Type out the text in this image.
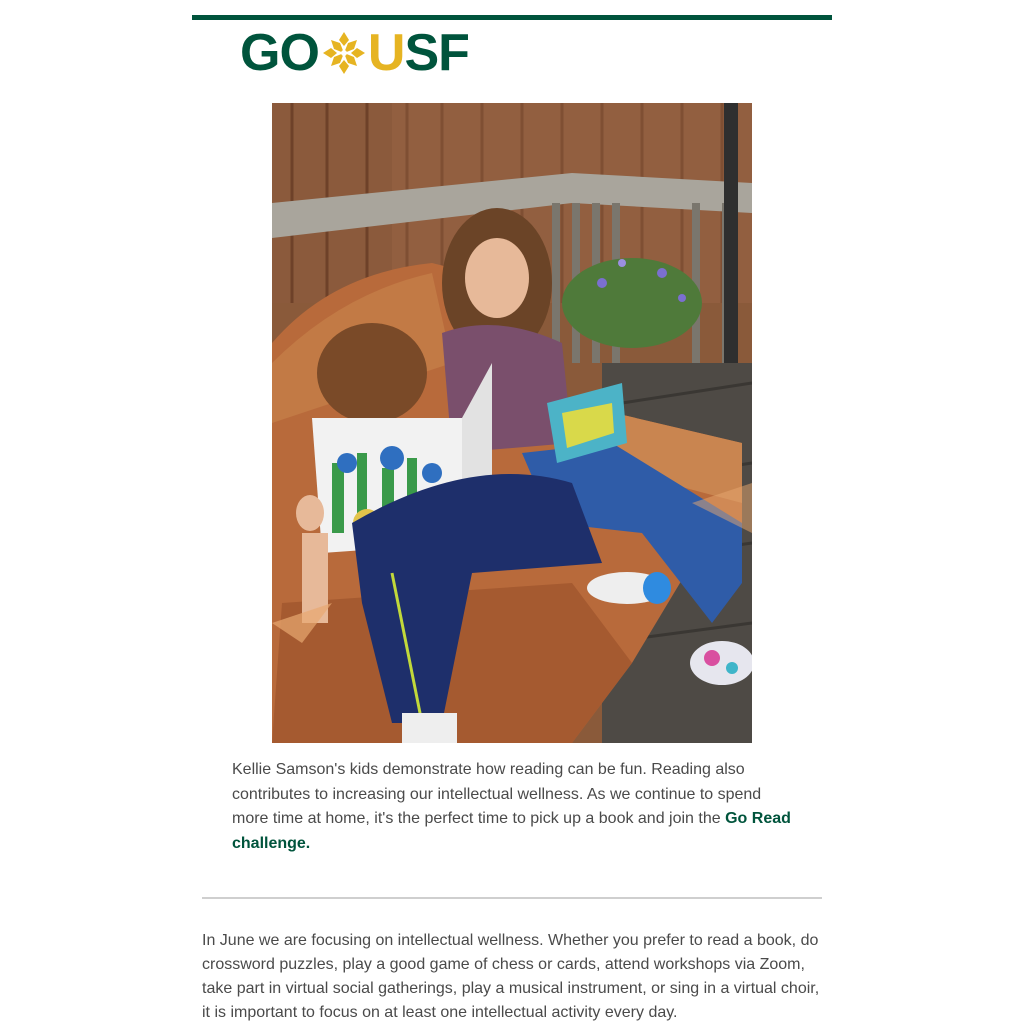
GO U SF
Kellie Samson's kids demonstrate how reading can be fun. Reading also contributes to increasing our intellectual wellness. As we continue to spend more time at home, it's the perfect time to pick up a book and join the Go Read challenge.

In June we are focusing on intellectual wellness. Whether you prefer to read a book, do crossword puzzles, play a good game of chess or cards, attend workshops via Zoom, take part in virtual social gatherings, play a musical instrument, or sing in a virtual choir, it is important to focus on at least one intellectual activity every day.
